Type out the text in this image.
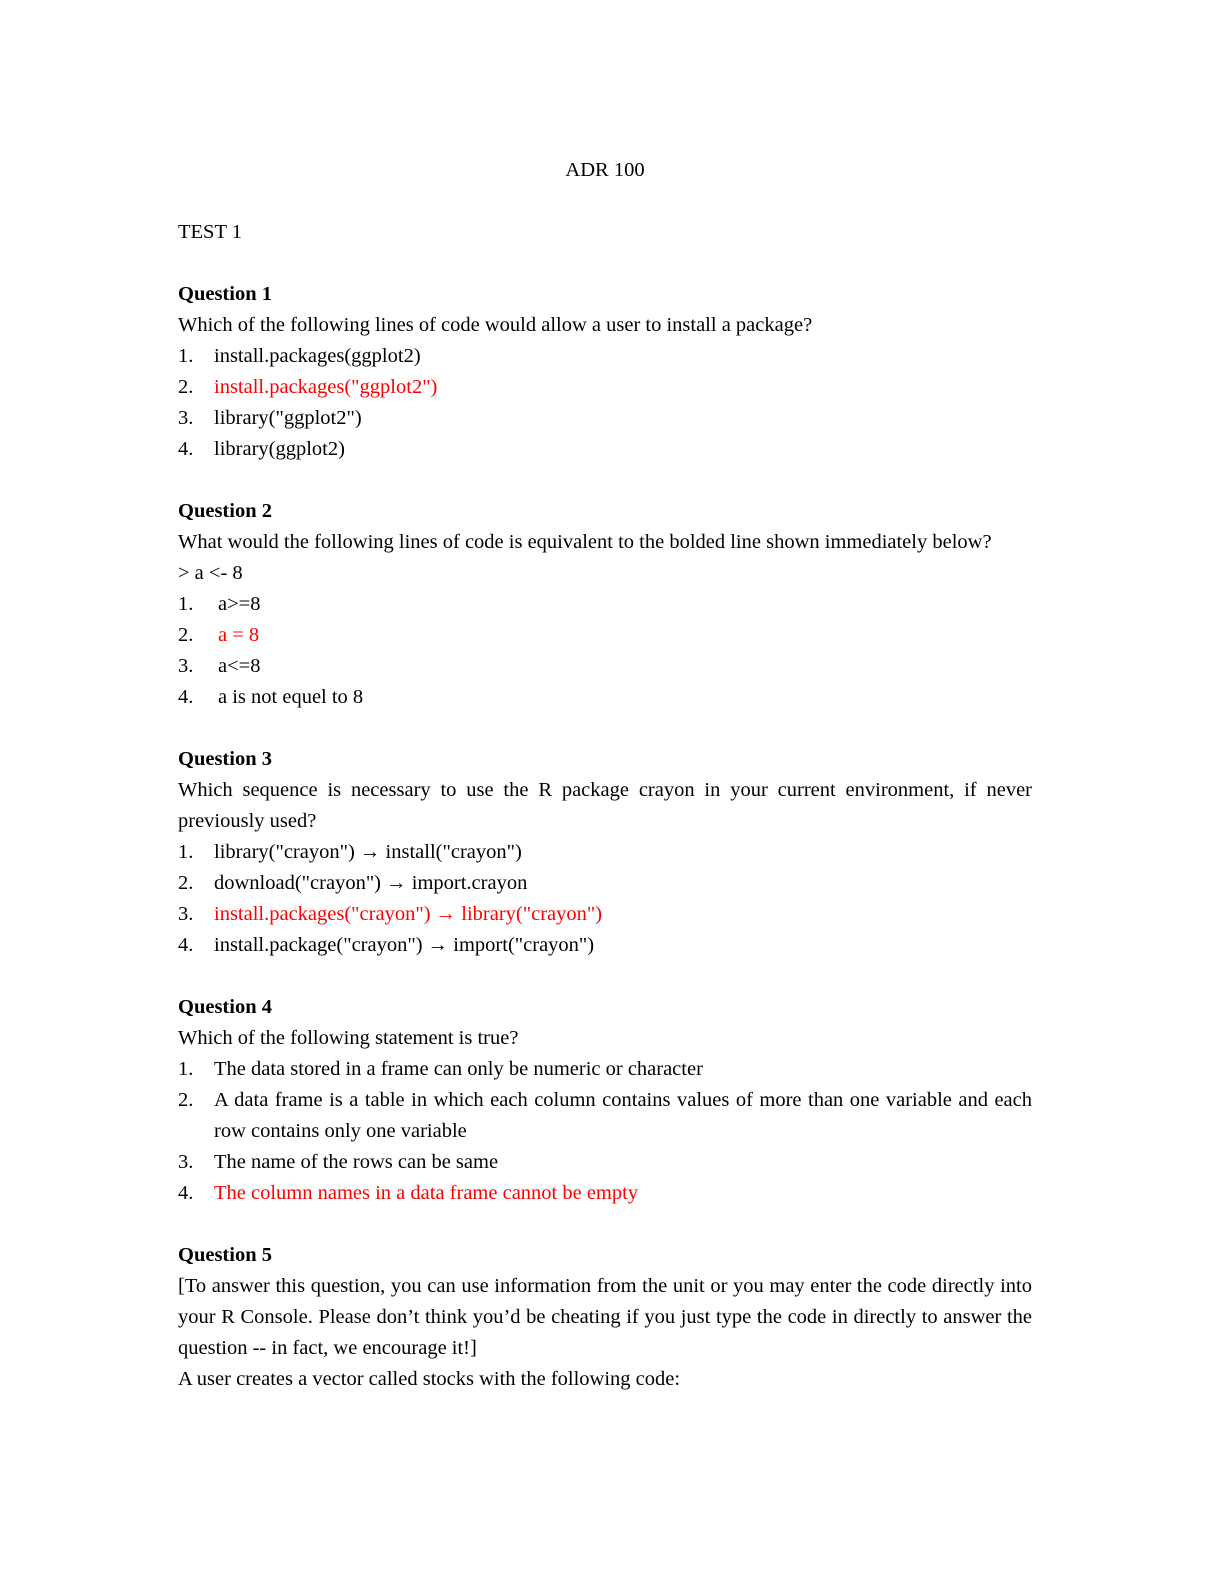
ADR 100
TEST 1
Question 1
Which of the following lines of code would allow a user to install a package?
1.	install.packages(ggplot2)
2.	install.packages("ggplot2")
3.	library("ggplot2")
4.	library(ggplot2)
Question 2
What would the following lines of code is equivalent to the bolded line shown immediately below?
> a <- 8
1.	a>=8
2.	a = 8
3.	a<=8
4.	a is not equel to 8
Question 3
Which sequence is necessary to use the R package crayon in your current environment, if never previously used?
1.	library("crayon") → install("crayon")
2.	download("crayon") → import.crayon
3.	install.packages("crayon") → library("crayon")
4.	install.package("crayon") → import("crayon")
Question 4
Which of the following statement is true?
1.	The data stored in a frame can only be numeric or character
2.	A data frame is a table in which each column contains values of more than one variable and each row contains only one variable
3.	The name of the rows can be same
4.	The column names in a data frame cannot be empty
Question 5
[To answer this question, you can use information from the unit or you may enter the code directly into your R Console. Please don’t think you’d be cheating if you just type the code in directly to answer the question -- in fact, we encourage it!]
A user creates a vector called stocks with the following code:
